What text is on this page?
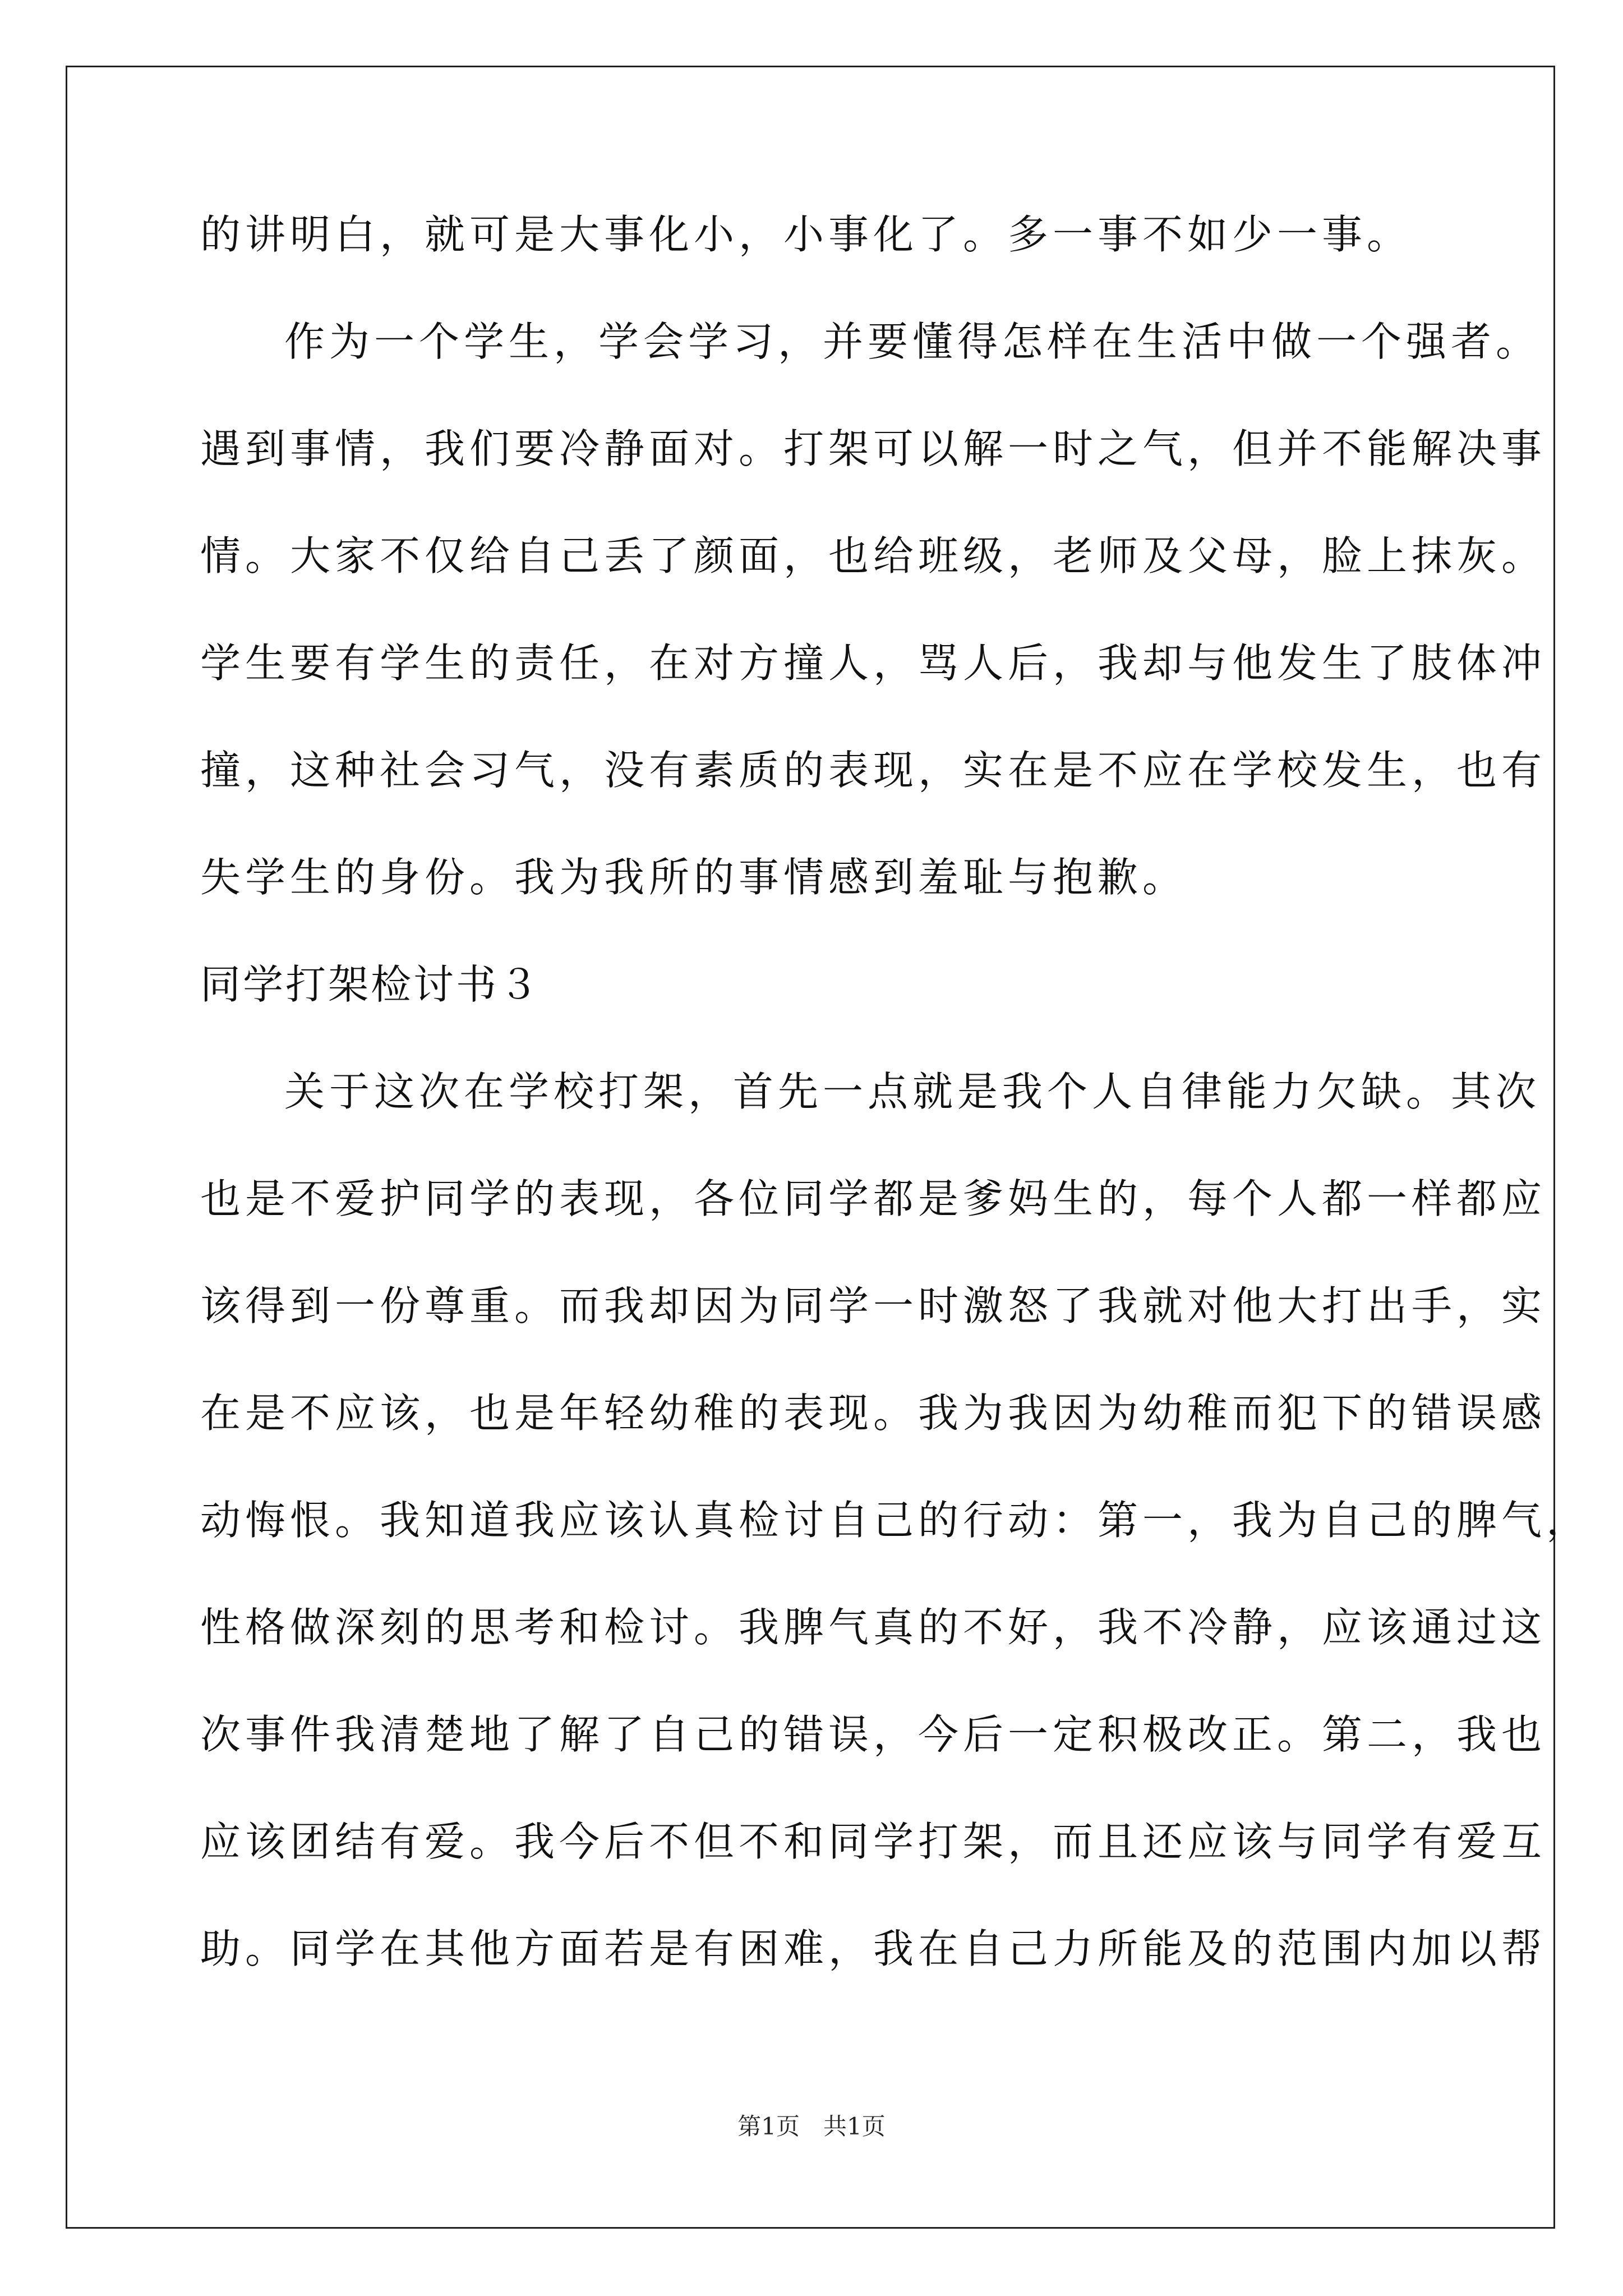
的讲明白，就可是大事化小，小事化了。多一事不如少一事。
作为一个学生，学会学习，并要懂得怎样在生活中做一个强者。
遇到事情，我们要冷静面对。打架可以解一时之气，但并不能解决事
情。大家不仅给自己丢了颜面，也给班级，老师及父母，脸上抹灰。
学生要有学生的责任，在对方撞人，骂人后，我却与他发生了肢体冲
撞，这种社会习气，没有素质的表现，实在是不应在学校发生，也有
失学生的身份。我为我所的事情感到羞耻与抱歉。
同学打架检讨书３
关于这次在学校打架，首先一点就是我个人自律能力欠缺。其次
也是不爱护同学的表现，各位同学都是爹妈生的，每个人都一样都应
该得到一份尊重。而我却因为同学一时激怒了我就对他大打出手，实
在是不应该，也是年轻幼稚的表现。我为我因为幼稚而犯下的错误感
动悔恨。我知道我应该认真检讨自己的行动：第一，我为自己的脾气，
性格做深刻的思考和检讨。我脾气真的不好，我不冷静，应该通过这
次事件我清楚地了解了自己的错误，今后一定积极改正。第二，我也
应该团结有爱。我今后不但不和同学打架，而且还应该与同学有爱互
助。同学在其他方面若是有困难，我在自己力所能及的范围内加以帮
第1页　共1页
